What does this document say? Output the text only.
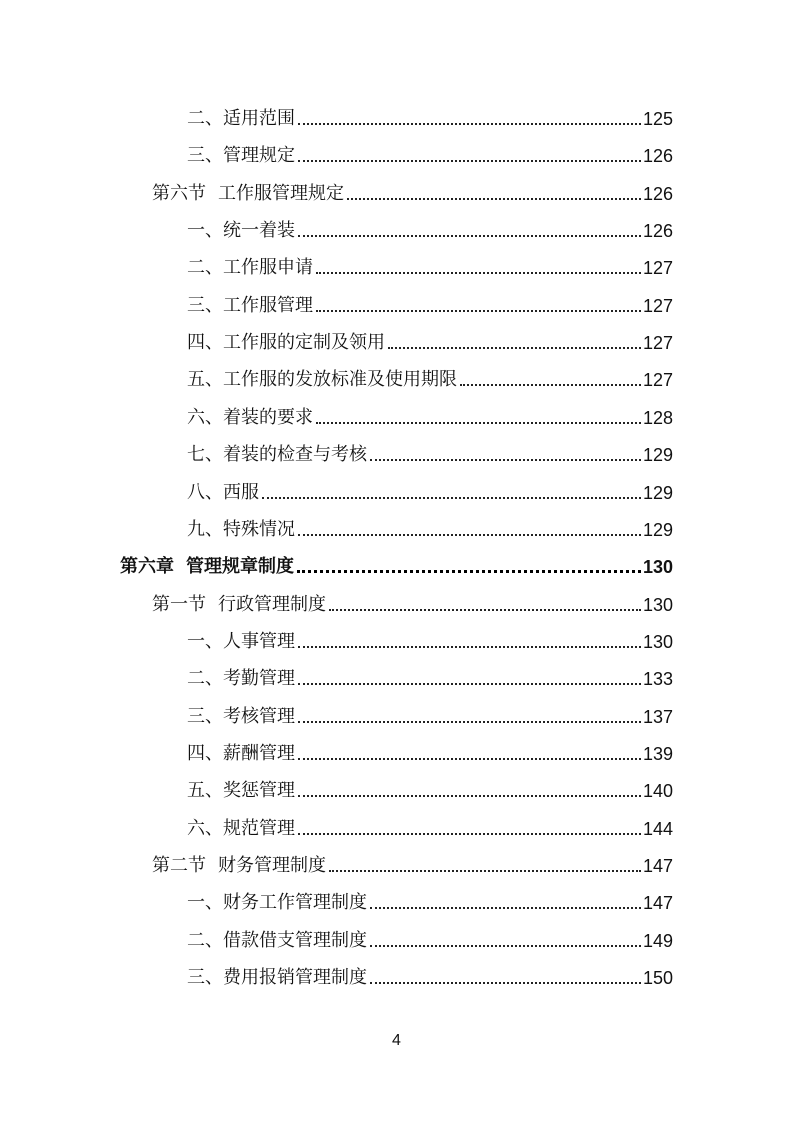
二、适用范围	125
三、管理规定	126
第六节 工作服管理规定	126
一、统一着装	126
二、工作服申请	127
三、工作服管理	127
四、工作服的定制及领用	127
五、工作服的发放标准及使用期限	127
六、着装的要求	128
七、着装的检查与考核	129
八、西服	129
九、特殊情况	129
第六章 管理规章制度	130
第一节 行政管理制度	130
一、人事管理	130
二、考勤管理	133
三、考核管理	137
四、薪酬管理	139
五、奖惩管理	140
六、规范管理	144
第二节 财务管理制度	147
一、财务工作管理制度	147
二、借款借支管理制度	149
三、费用报销管理制度	150
4
